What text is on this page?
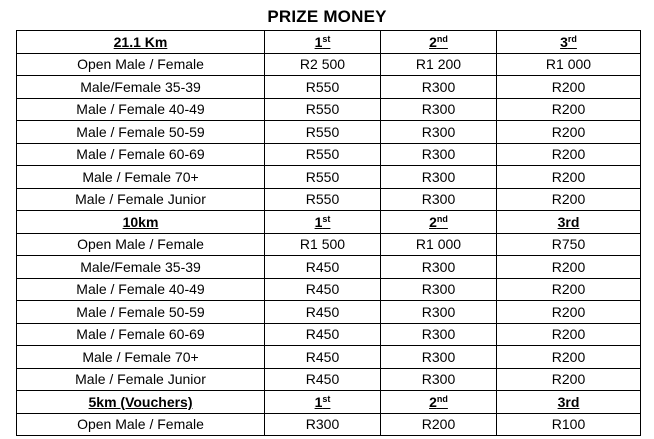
PRIZE MONEY
21.1 Km	1st	2nd	3rd
Open Male / Female	R2 500	R1 200	R1 000
Male/Female 35-39	R550	R300	R200
Male / Female 40-49	R550	R300	R200
Male / Female 50-59	R550	R300	R200
Male / Female 60-69	R550	R300	R200
Male / Female 70+	R550	R300	R200
Male / Female Junior	R550	R300	R200
10km	1st	2nd	3rd
Open Male / Female	R1 500	R1 000	R750
Male/Female 35-39	R450	R300	R200
Male / Female 40-49	R450	R300	R200
Male / Female 50-59	R450	R300	R200
Male / Female 60-69	R450	R300	R200
Male / Female 70+	R450	R300	R200
Male / Female Junior	R450	R300	R200
5km (Vouchers)	1st	2nd	3rd
Open Male / Female	R300	R200	R100
